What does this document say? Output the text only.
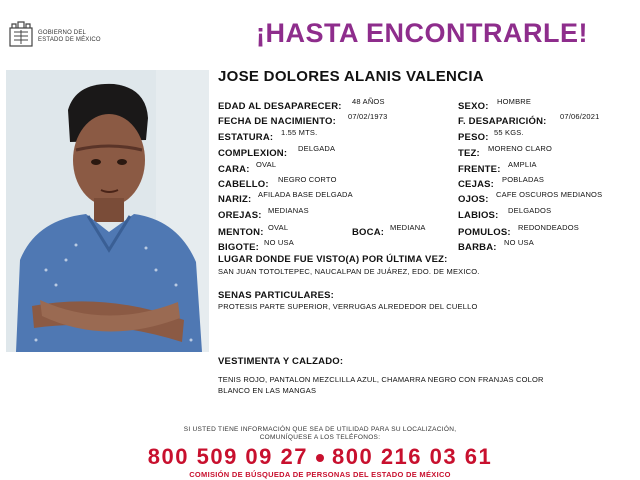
GOBIERNO DEL
ESTADO DE MÉXICO	¡HASTA ENCONTRARLE!
JOSE DOLORES ALANIS VALENCIA
EDAD AL DESAPARECER: 48 AÑOS
FECHA DE NACIMIENTO: 07/02/1973
ESTATURA: 1.55 MTS.
COMPLEXION: DELGADA
CARA: OVAL
CABELLO: NEGRO CORTO
NARIZ: AFILADA BASE DELGADA
OREJAS: MEDIANAS
MENTON: OVAL	BOCA: MEDIANA
BIGOTE: NO USA
SEXO: HOMBRE
F. DESAPARICIÓN: 07/06/2021
PESO: 55 KGS.
TEZ: MORENO CLARO
FRENTE: AMPLIA
CEJAS: POBLADAS
OJOS: CAFE OSCUROS MEDIANOS
LABIOS: DELGADOS
POMULOS: REDONDEADOS
BARBA: NO USA
LUGAR DONDE FUE VISTO(A) POR ÚLTIMA VEZ:
SAN JUAN TOTOLTEPEC, NAUCALPAN DE JUÁREZ, EDO. DE MEXICO.
SENAS PARTICULARES:
PROTESIS PARTE SUPERIOR, VERRUGAS ALREDEDOR DEL CUELLO
VESTIMENTA Y CALZADO:
TENIS ROJO, PANTALON MEZCLILLA AZUL, CHAMARRA NEGRO CON FRANJAS COLOR
BLANCO EN LAS MANGAS
SI USTED TIENE INFORMACIÓN QUE SEA DE UTILIDAD PARA SU LOCALIZACIÓN,
COMUNÍQUESE A LOS TELÉFONOS:
800 509 09 27 800 216 03 61
COMISIÓN DE BÚSQUEDA DE PERSONAS DEL ESTADO DE MÉXICO
